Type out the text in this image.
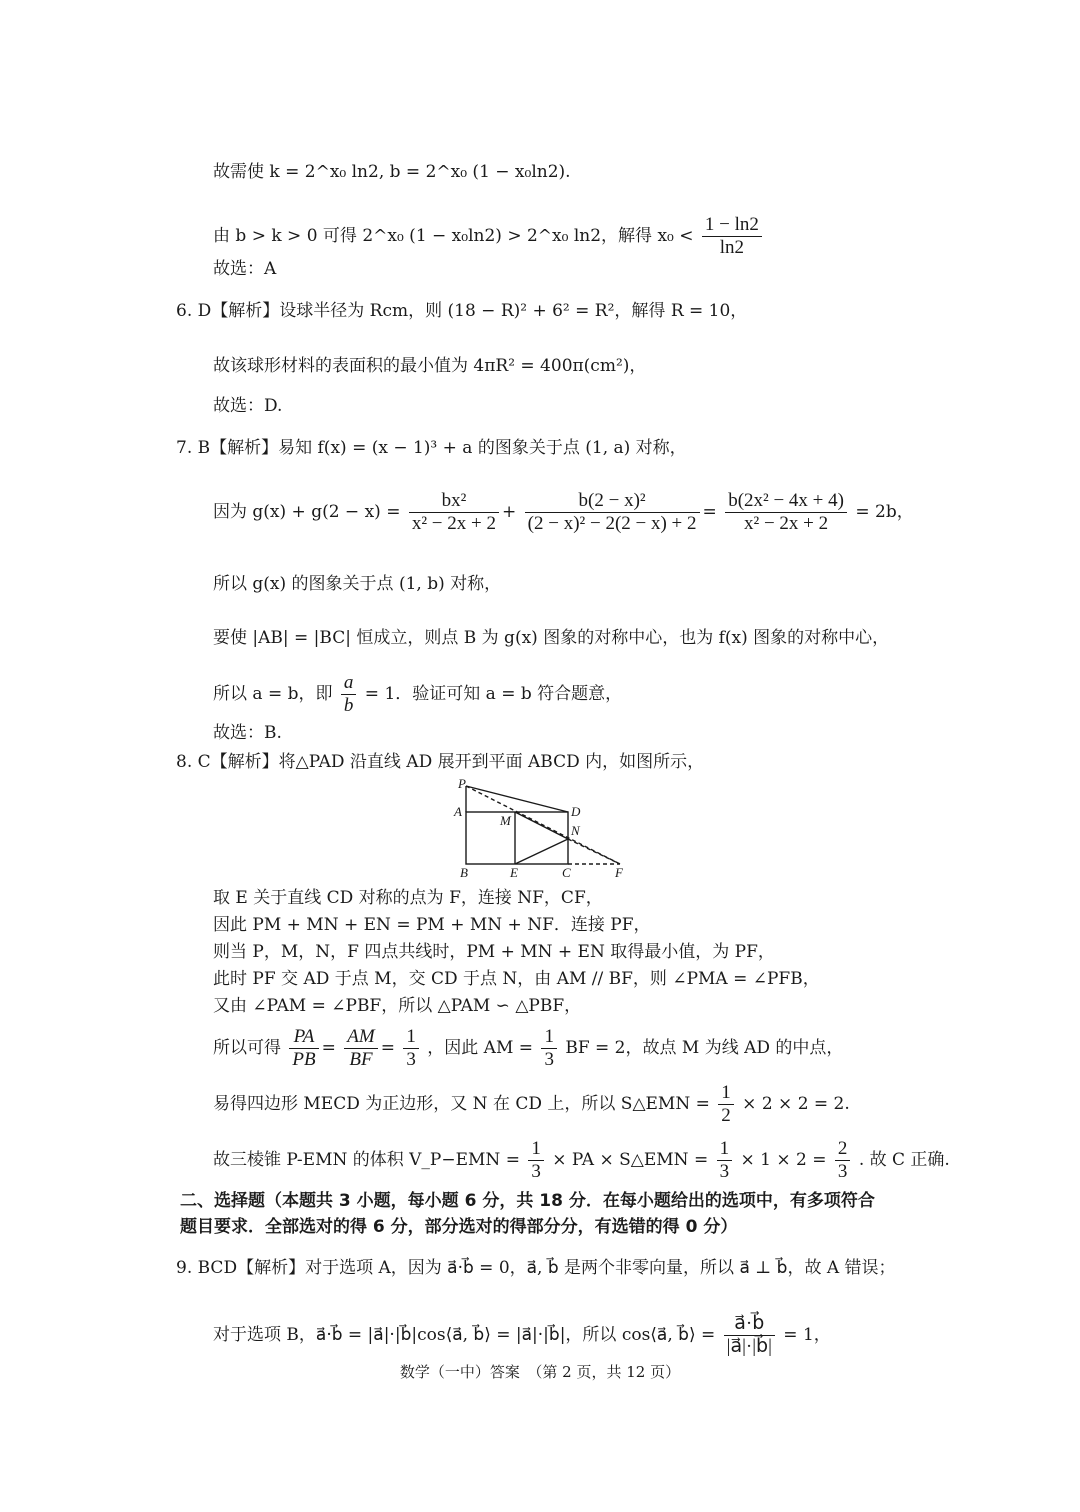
故需使 k = 2^x₀ ln2, b = 2^x₀ (1 − x₀ln2).
由 b > k > 0 可得 2^x₀ (1 − x₀ln2) > 2^x₀ ln2，解得 $x_0 < \frac{1 - \ln 2}{\ln 2}$
故选：A
6. D【解析】设球半径为 Rcm，则 (18 − R)² + 6² = R²，解得 R = 10，
故该球形材料的表面积的最小值为 4πR² = 400π(cm²)，
故选：D.
7. B【解析】易知 f(x) = (x − 1)³ + a 的图象关于点 (1, a) 对称，
因为 $g(x) + g(2 - x) = \frac{\text{bx²}}{\text{x² − 2x + 2}} + \frac{\text{b(2 − x)²}}{\text{(2 − x)² − 2(2 − x) + 2}} = \frac{\text{b(2x² − 4x + 4)}}{\text{x² − 2x + 2}} = 2b$，
所以 g(x) 的图象关于点 (1, b) 对称，
要使 |AB| = |BC| 恒成立，则点 B 为 g(x) 图象的对称中心，也为 f(x) 图象的对称中心，
所以 a = b，即 $\frac{a}{b} = 1$．验证可知 a = b 符合题意，
故选：B.
8. C【解析】将△PAD 沿直线 AD 展开到平面 ABCD 内，如图所示，
P
A
M
D
N
B	E	C	F
取 E 关于直线 CD 对称的点为 F，连接 NF，CF，
因此 PM + MN + EN = PM + MN + NF．连接 PF，
则当 P，M，N，F 四点共线时，PM + MN + EN 取得最小值，为 PF，
此时 PF 交 AD 于点 M，交 CD 于点 N，由 AM // BF，则 ∠PMA = ∠PFB，
又由 ∠PAM = ∠PBF，所以 △PAM ∽ △PBF，
所以可得 $\frac{PA}{PB} = \frac{AM}{BF} = \frac{1}{3}$ ，因此 AM = $\frac{1}{3}$ BF = 2，故点 M 为线 AD 的中点，
易得四边形 MECD 为正边形，又 N 在 CD 上，所以 S△EMN = $\frac{1}{2} \times 2 \times 2 = 2$.
故三棱锥 P-EMN 的体积 V_P−EMN = $\frac{1}{3}$ × PA × S△EMN = $\frac{1}{3} \times 1 \times 2 = \frac{2}{3}$ . 故 C 正确.
二、选择题（本题共 3 小题，每小题 6 分，共 18 分．在每小题给出的选项中，有多项符合
题目要求．全部选对的得 6 分，部分选对的得部分分，有选错的得 0 分）
9. BCD【解析】对于选项 A，因为 a⃗·b⃗ = 0，a⃗, b⃗ 是两个非零向量，所以 a⃗ ⊥ b⃗，故 A 错误；
对于选项 B，a⃗·b⃗ = |a⃗|·|b⃗|cos⟨a⃗, b⃗⟩ = |a⃗|·|b⃗|，所以 cos⟨a⃗, b⃗⟩ = $\frac{a⃗\cdot b⃗}{|a⃗|\cdot|b⃗|} = 1$，
数学（一中）答案　（第 2 页，共 12 页）
